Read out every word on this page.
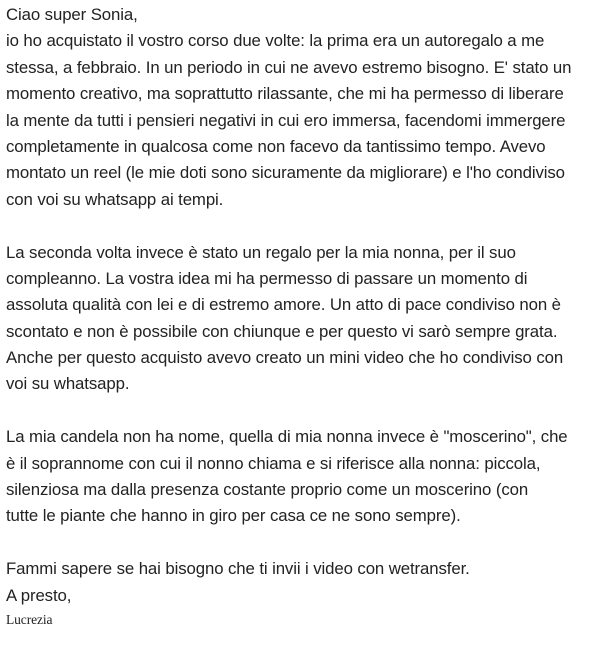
Ciao super Sonia,
io ho acquistato il vostro corso due volte: la prima era un autoregalo a me
stessa, a febbraio. In un periodo in cui ne avevo estremo bisogno. E' stato un
momento creativo, ma soprattutto rilassante, che mi ha permesso di liberare
la mente da tutti i pensieri negativi in cui ero immersa, facendomi immergere
completamente in qualcosa come non facevo da tantissimo tempo. Avevo
montato un reel (le mie doti sono sicuramente da migliorare) e l'ho condiviso
con voi su whatsapp ai tempi.
La seconda volta invece è stato un regalo per la mia nonna, per il suo
compleanno. La vostra idea mi ha permesso di passare un momento di
assoluta qualità con lei e di estremo amore. Un atto di pace condiviso non è
scontato e non è possibile con chiunque e per questo vi sarò sempre grata.
Anche per questo acquisto avevo creato un mini video che ho condiviso con
voi su whatsapp.
La mia candela non ha nome, quella di mia nonna invece è "moscerino", che
è il soprannome con cui il nonno chiama e si riferisce alla nonna: piccola,
silenziosa ma dalla presenza costante proprio come un moscerino (con
tutte le piante che hanno in giro per casa ce ne sono sempre).
Fammi sapere se hai bisogno che ti invii i video con wetransfer.
A presto,
Lucrezia
